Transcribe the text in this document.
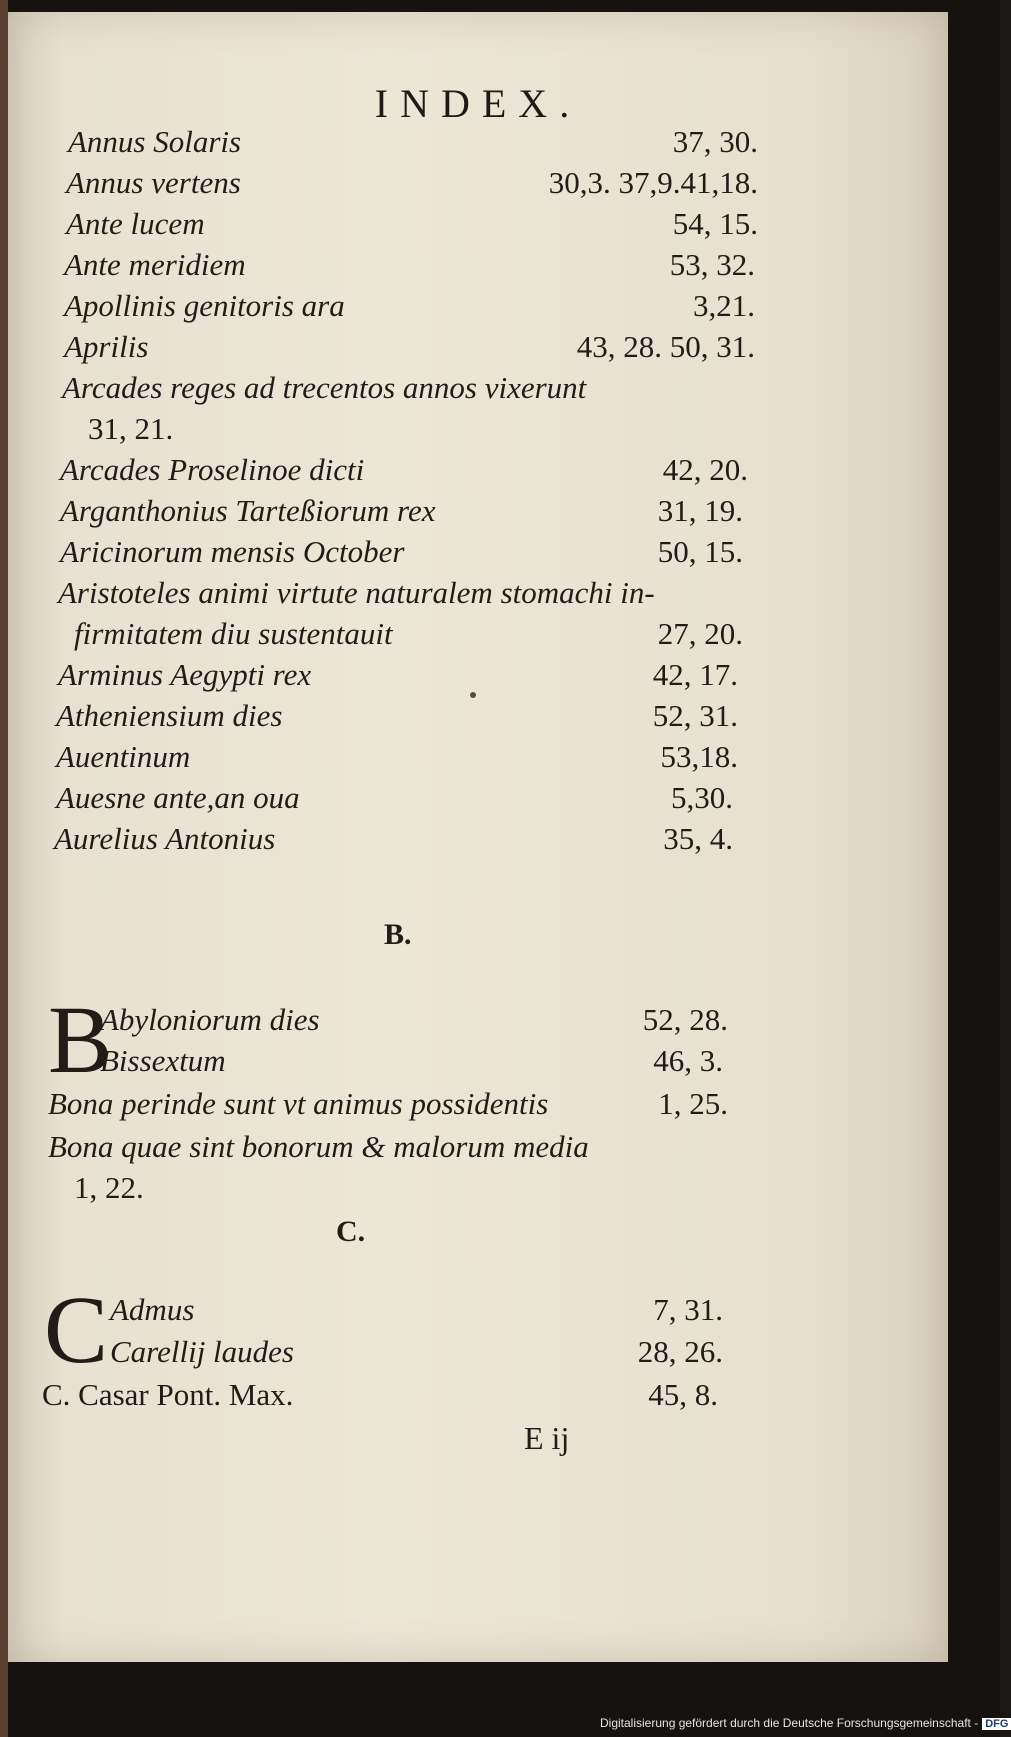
INDEX.
Annus Solaris	37, 30.
Annus vertens	30,3. 37,9.41,18.
Ante lucem	54, 15.
Ante meridiem	53, 32.
Apollinis genitoris ara	3,21.
Aprilis	43, 28. 50, 31.
Arcades reges ad trecentos annos vixerunt
31, 21.
Arcades Proselinoe dicti	42, 20.
Arganthonius Tarteßiorum rex	31, 19.
Aricinorum mensis October	50, 15.
Aristoteles animi virtute naturalem stomachi in-
firmitatem diu sustentauit	27, 20.
Arminus Aegypti rex	42, 17.
Atheniensium dies	52, 31.
Auentinum	53,18.
Auesne ante,an oua	5,30.
Aurelius Antonius	35, 4.
B.
B
Abyloniorum dies	52, 28.
Bissextum	46, 3.
Bona perinde sunt vt animus possidentis	1, 25.
Bona quae sint bonorum & malorum media
1, 22.
C.
C Admus	7, 31.
Carellij laudes	28, 26.
C. Casar Pont. Max.	45, 8.
E ij
Digitalisierung gefördert durch die Deutsche Forschungsgemeinschaft - DFG
